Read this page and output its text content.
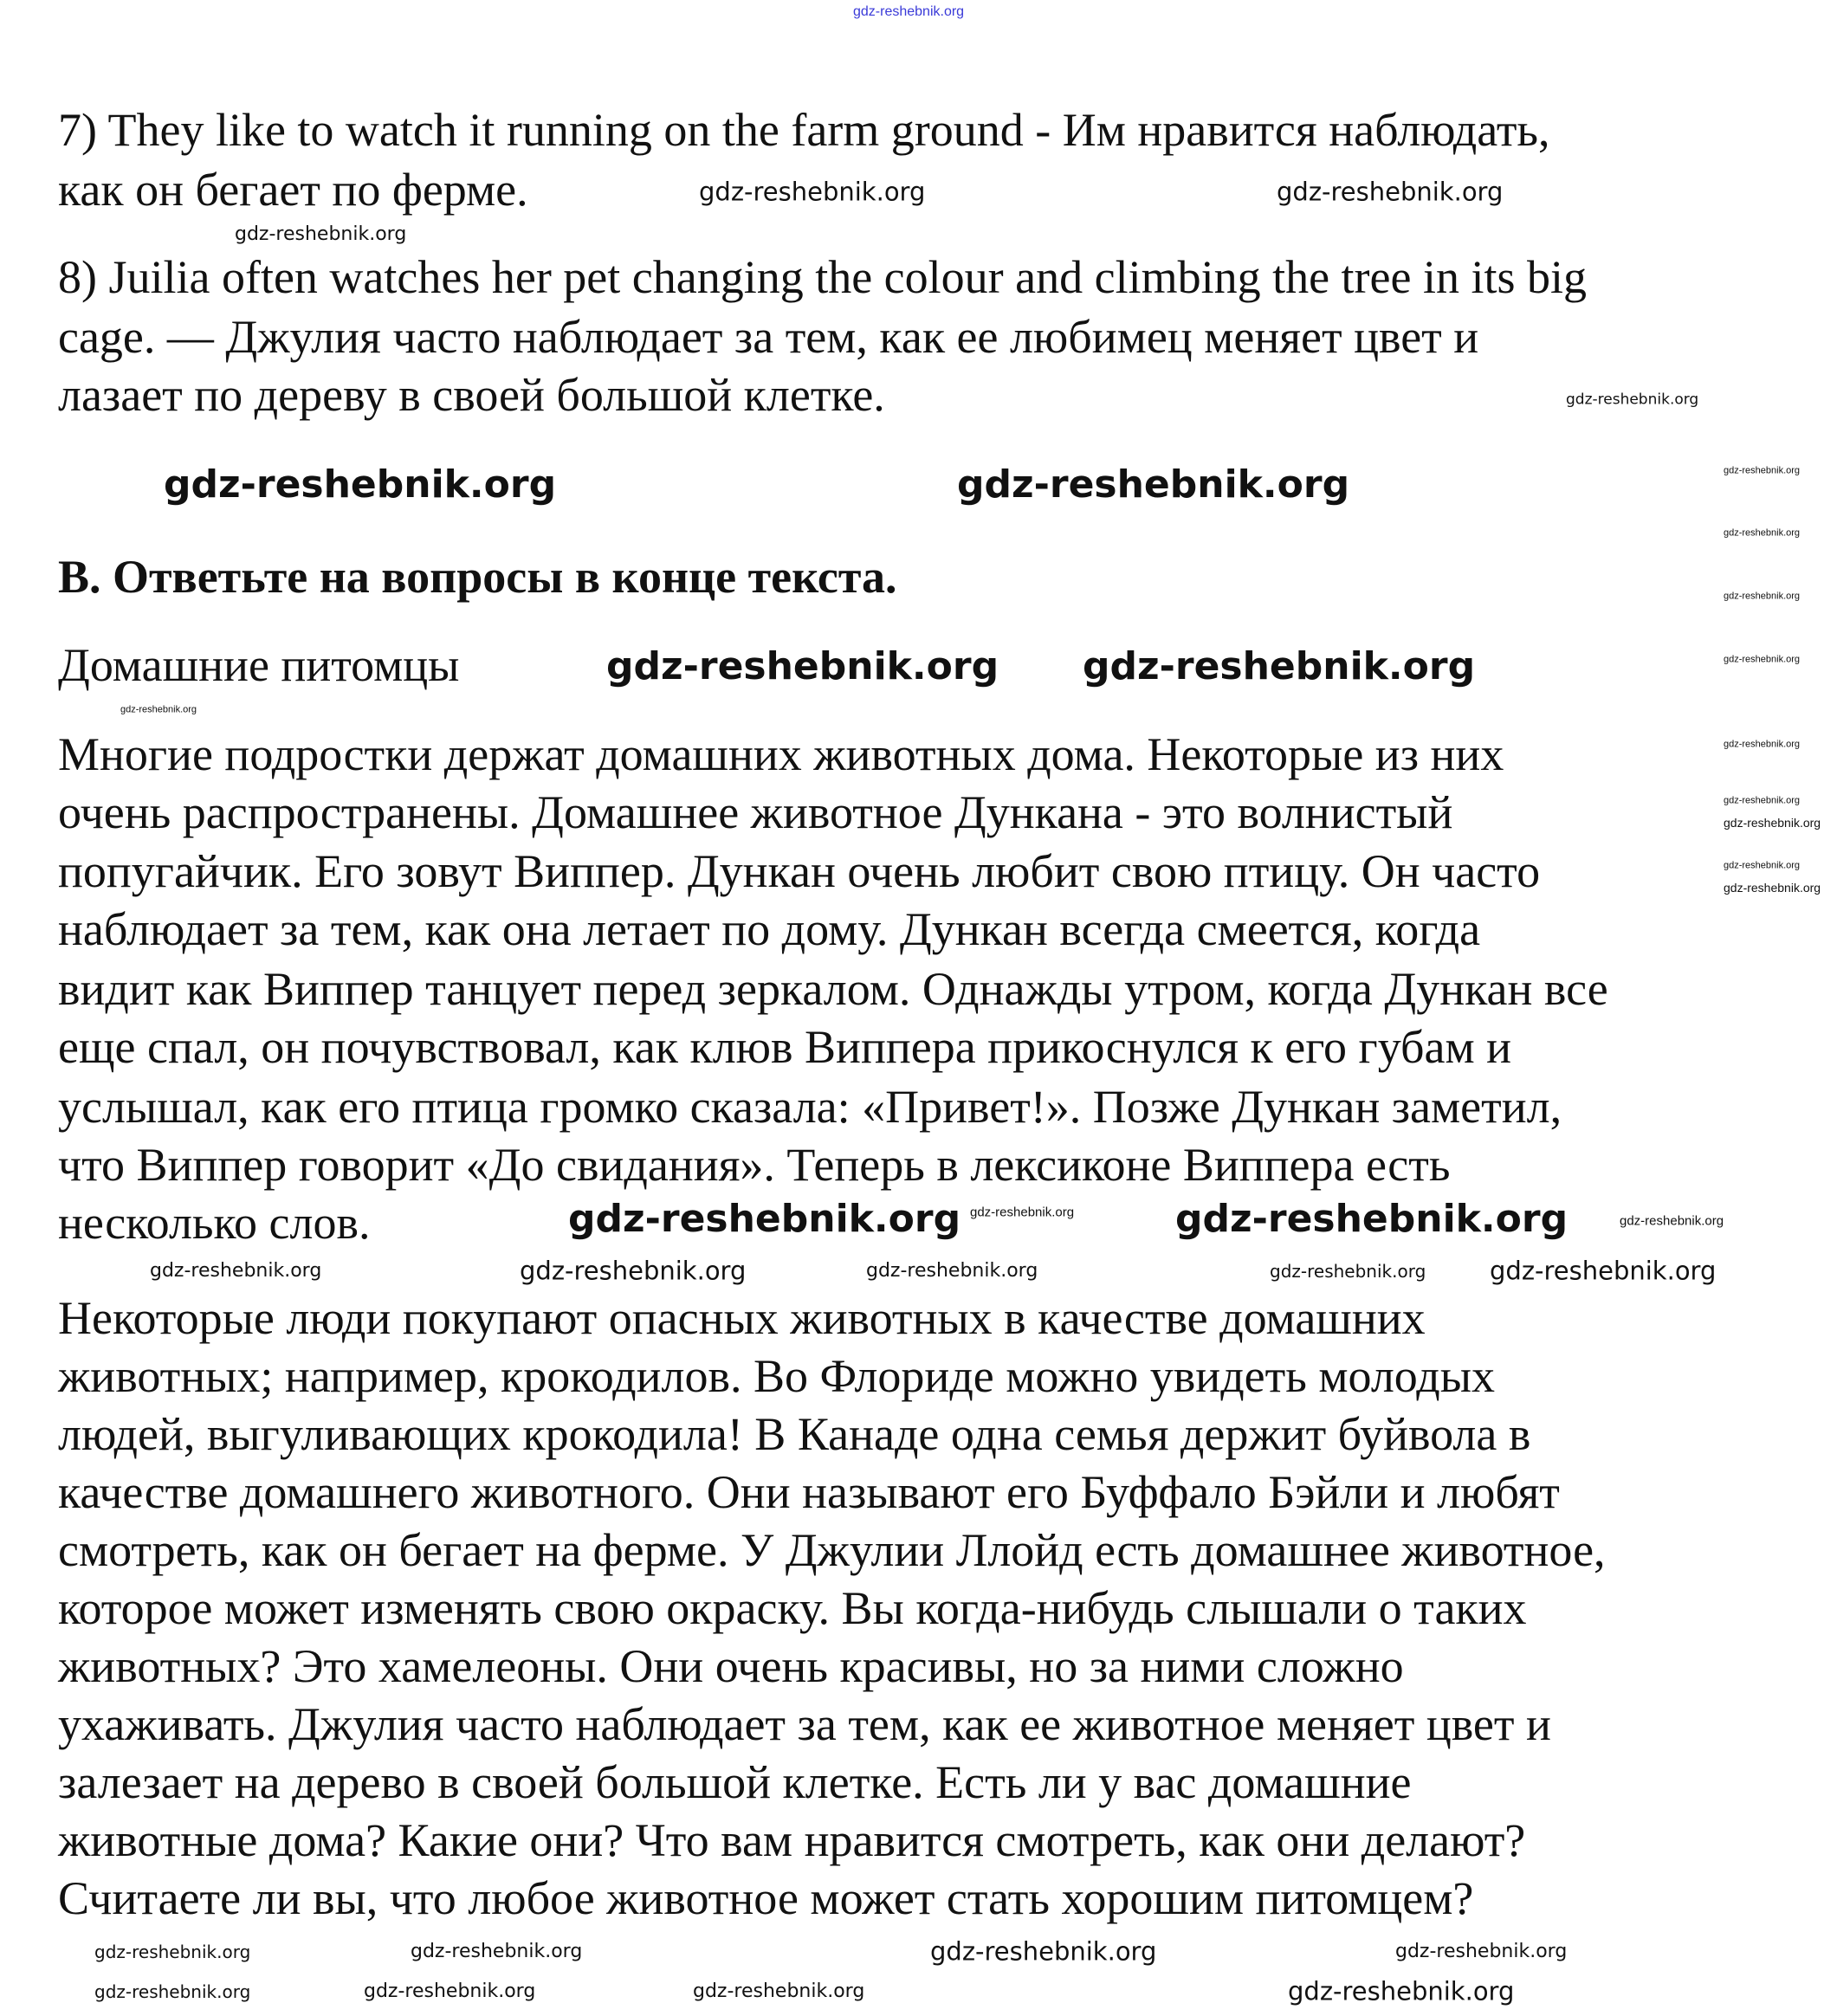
7) They like to watch it running on the farm ground - Им нравится наблюдать,
как он бегает по ферме.
8) Juilia often watches her pet changing the colour and climbing the tree in its big
cage. — Джулия часто наблюдает за тем, как ее любимец меняет цвет и
лазает по дереву в своей большой клетке.
B. Ответьте на вопросы в конце текста.
Домашние питомцы
Многие подростки держат домашних животных дома. Некоторые из них
очень распространены. Домашнее животное Дункана - это волнистый
попугайчик. Его зовут Виппер. Дункан очень любит свою птицу. Он часто
наблюдает за тем, как она летает по дому. Дункан всегда смеется, когда
видит как Виппер танцует перед зеркалом. Однажды утром, когда Дункан все
еще спал, он почувствовал, как клюв Виппера прикоснулся к его губам и
услышал, как его птица громко сказала: «Привет!». Позже Дункан заметил,
что Виппер говорит «До свидания». Теперь в лексиконе Виппера есть
несколько слов.
Некоторые люди покупают опасных животных в качестве домашних
животных; например, крокодилов. Во Флориде можно увидеть молодых
людей, выгуливающих крокодила! В Канаде одна семья держит буйвола в
качестве домашнего животного. Они называют его Буффало Бэйли и любят
смотреть, как он бегает на ферме. У Джулии Ллойд есть домашнее животное,
которое может изменять свою окраску. Вы когда-нибудь слышали о таких
животных? Это хамелеоны. Они очень красивы, но за ними сложно
ухаживать. Джулия часто наблюдает за тем, как ее животное меняет цвет и
залезает на дерево в своей большой клетке. Есть ли у вас домашние
животные дома? Какие они? Что вам нравится смотреть, как они делают?
Считаете ли вы, что любое животное может стать хорошим питомцем?
gdz-reshebnik.org
gdz-reshebnik.org
gdz-reshebnik.org	gdz-reshebnik.org
gdz-reshebnik.org
gdz-reshebnik.org
gdz-reshebnik.org	gdz-reshebnik.org
gdz-reshebnik.org
gdz-reshebnik.org
gdz-reshebnik.org
gdz-reshebnik.org
gdz-reshebnik.org
gdz-reshebnik.org
gdz-reshebnik.org
gdz-reshebnik.org gdz-reshebnik.org
gdz-reshebnik.org
gdz-reshebnik.org
gdz-reshebnik.org
gdz-reshebnik.org
gdz-reshebnik.org
gdz-reshebnik.org
gdz-reshebnik.org	gdz-reshebnik.org
gdz-reshebnik.org
gdz-reshebnik.org
gdz-reshebnik.org
gdz-reshebnik.org
gdz-reshebnik.org	gdz-reshebnik.org	gdz-reshebnik.org
gdz-reshebnik.org
gdz-reshebnik.org	gdz-reshebnik.org	gdz-reshebnik.org
